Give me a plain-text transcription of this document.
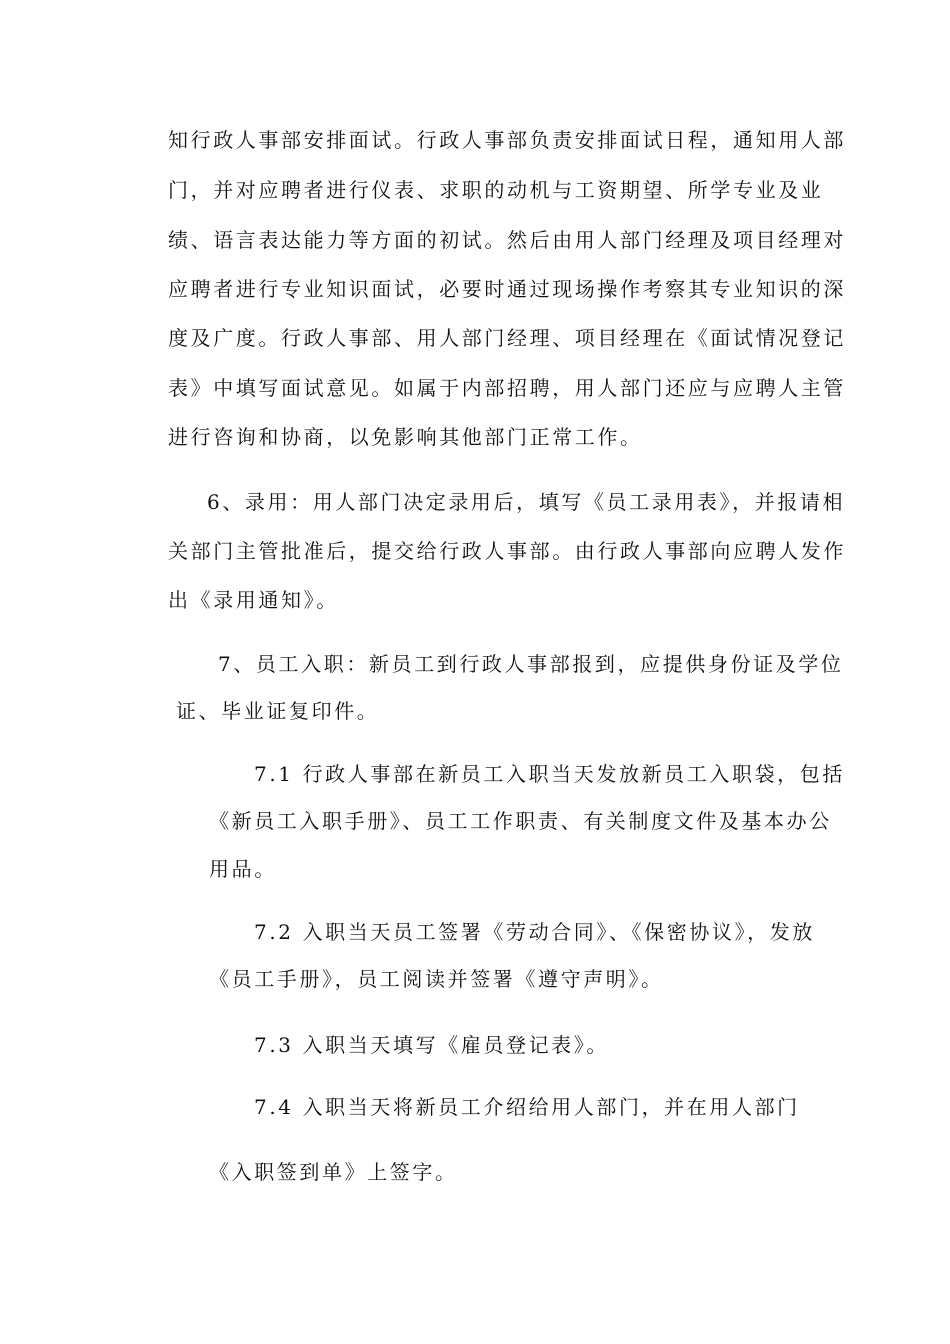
知行政人事部安排面试。行政人事部负责安排面试日程，通知用人部
门，并对应聘者进行仪表、求职的动机与工资期望、所学专业及业
绩、语言表达能力等方面的初试。然后由用人部门经理及项目经理对
应聘者进行专业知识面试，必要时通过现场操作考察其专业知识的深
度及广度。行政人事部、用人部门经理、项目经理在《面试情况登记
表》中填写面试意见。如属于内部招聘，用人部门还应与应聘人主管
进行咨询和协商，以免影响其他部门正常工作。
6、录用：用人部门决定录用后，填写《员工录用表》，并报请相
关部门主管批准后，提交给行政人事部。由行政人事部向应聘人发作
出《录用通知》。
7、员工入职：新员工到行政人事部报到，应提供身份证及学位
证、毕业证复印件。
7.1 行政人事部在新员工入职当天发放新员工入职袋，包括
《新员工入职手册》、员工工作职责、有关制度文件及基本办公
用品。
7.2 入职当天员工签署《劳动合同》、《保密协议》，发放
《员工手册》，员工阅读并签署《遵守声明》。
7.3 入职当天填写《雇员登记表》。
7.4 入职当天将新员工介绍给用人部门，并在用人部门
《入职签到单》上签字。
